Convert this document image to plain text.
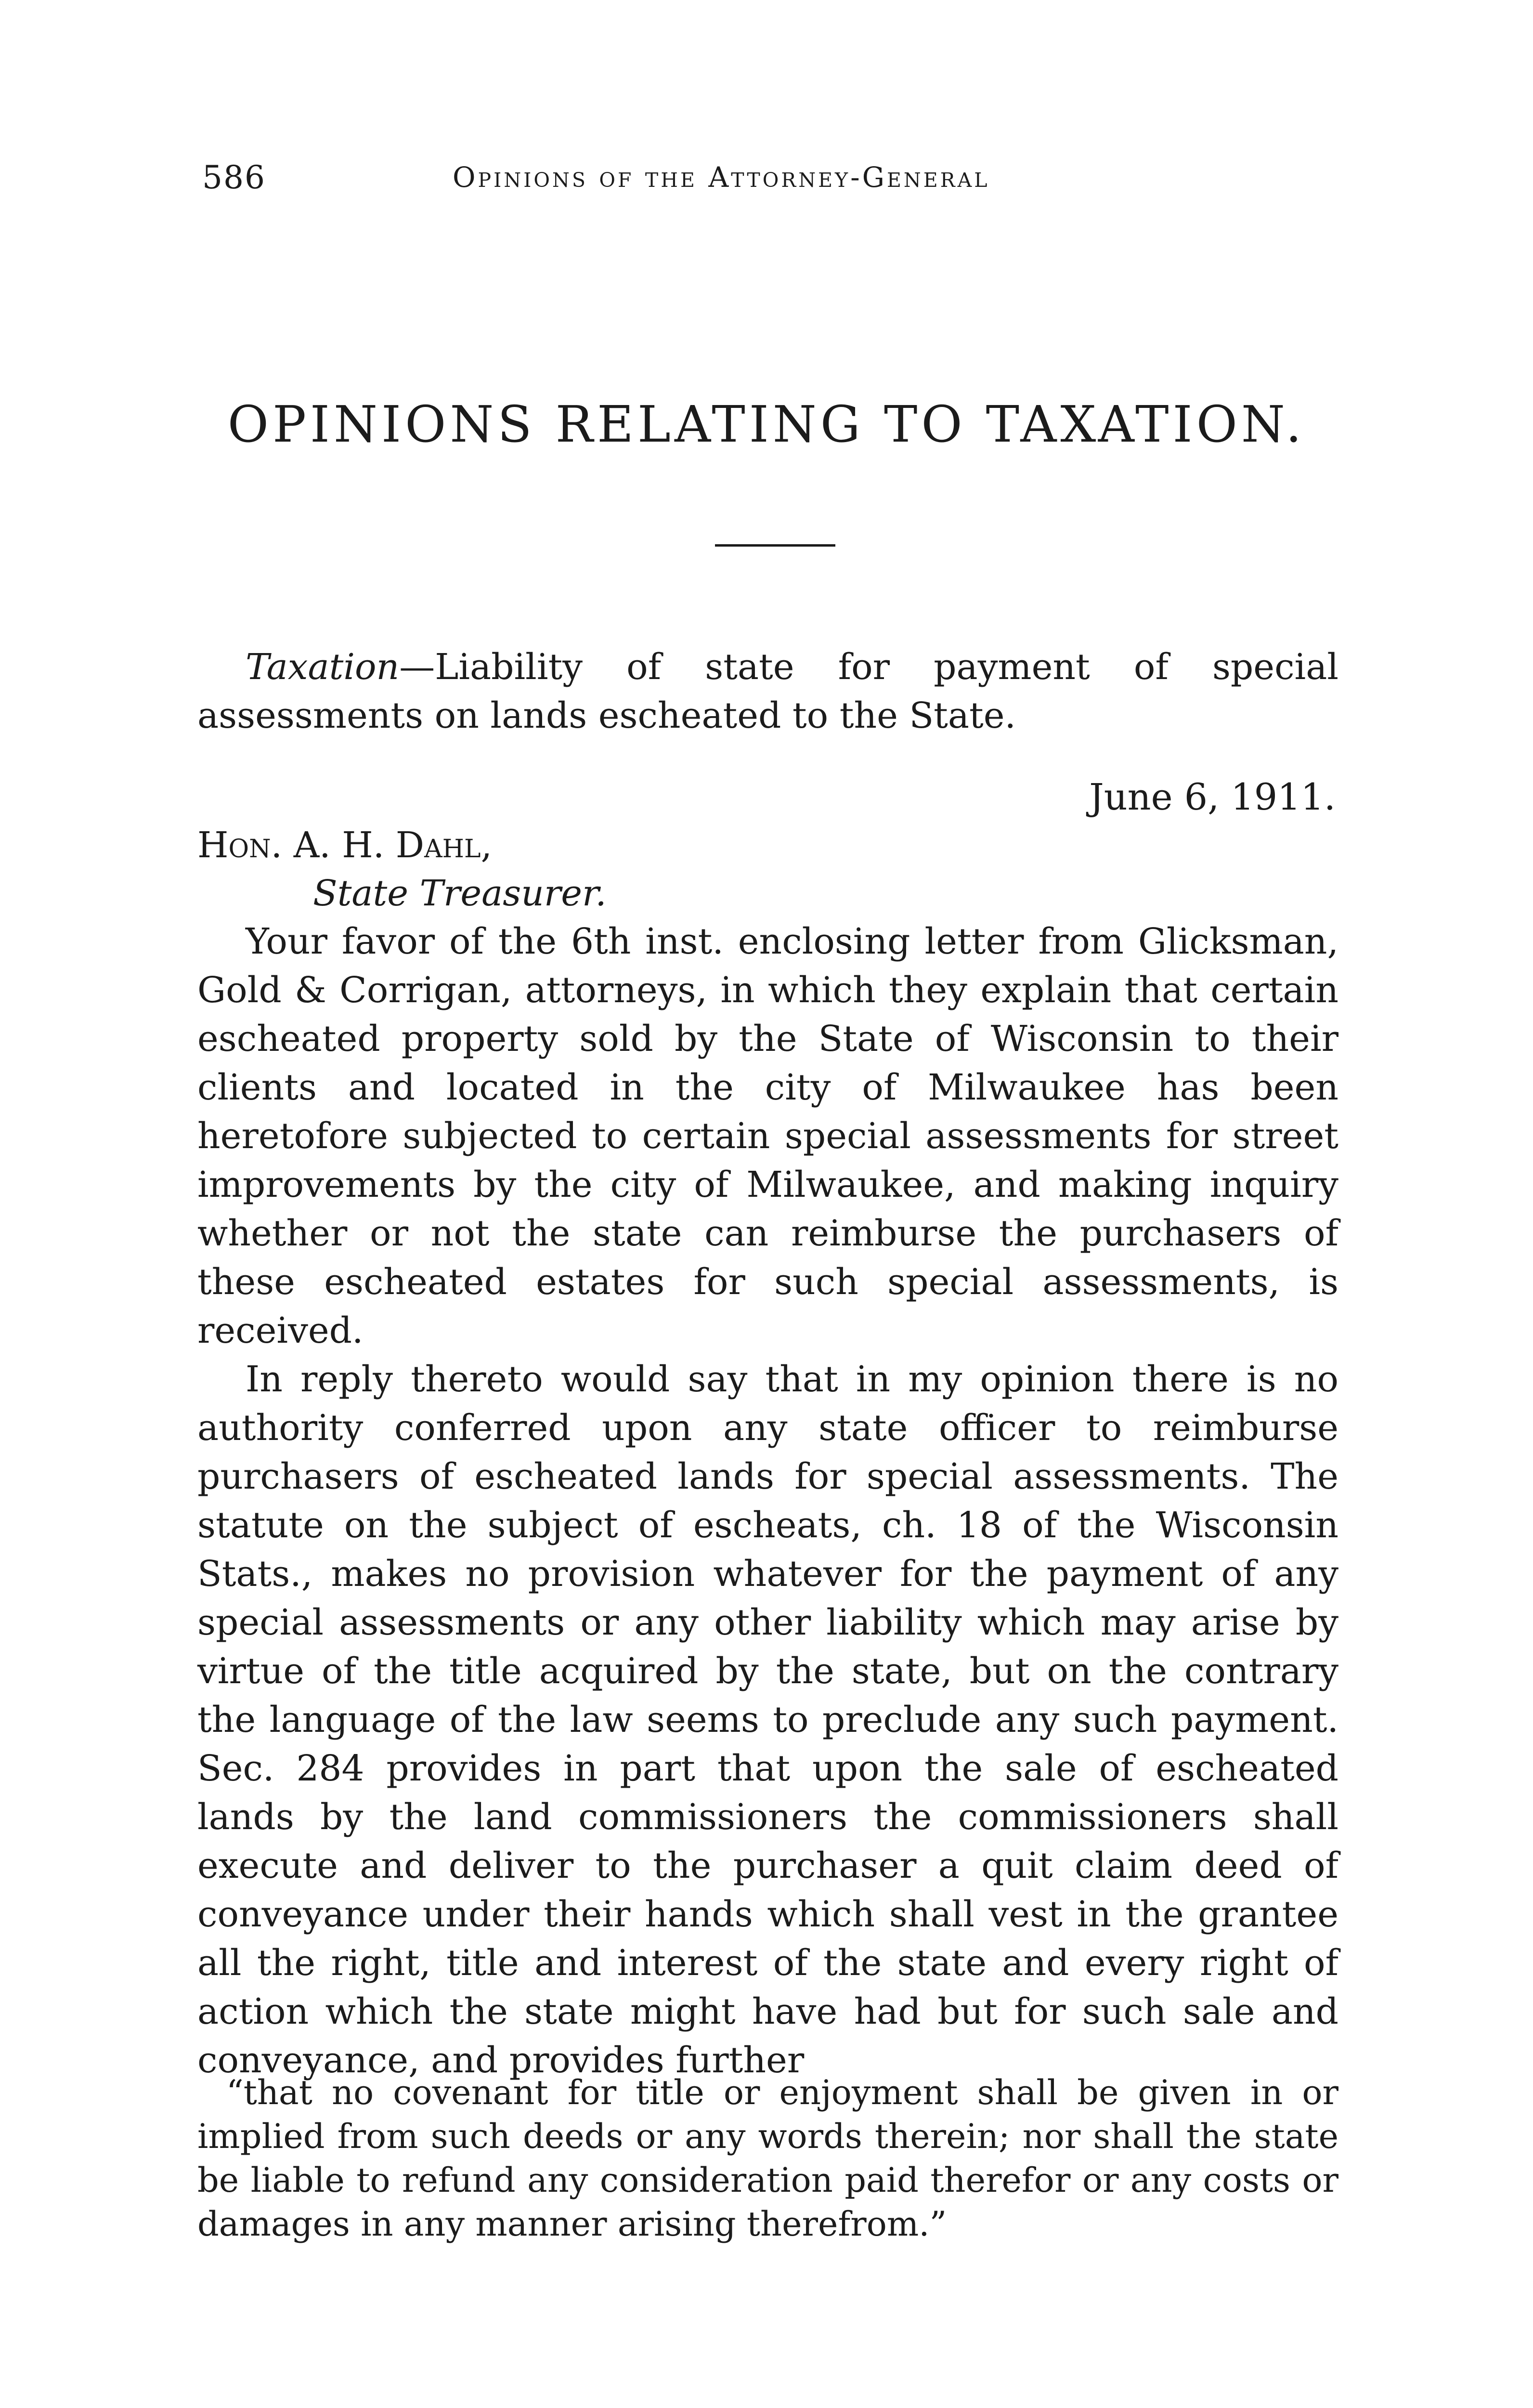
586	Opinions of the Attorney-General
OPINIONS RELATING TO TAXATION.
Taxation—Liability of state for payment of special assessments on lands escheated to the State.
June 6, 1911.
Hon. A. H. Dahl,
State Treasurer.

Your favor of the 6th inst. enclosing letter from Glicksman, Gold & Corrigan, attorneys, in which they explain that certain escheated property sold by the State of Wisconsin to their clients and located in the city of Milwaukee has been heretofore subjected to certain special assessments for street improvements by the city of Milwaukee, and making inquiry whether or not the state can reimburse the purchasers of these escheated estates for such special assessments, is received.

In reply thereto would say that in my opinion there is no authority conferred upon any state officer to reimburse purchasers of escheated lands for special assessments. The statute on the subject of escheats, ch. 18 of the Wisconsin Stats., makes no provision whatever for the payment of any special assessments or any other liability which may arise by virtue of the title acquired by the state, but on the contrary the language of the law seems to preclude any such payment. Sec. 284 provides in part that upon the sale of escheated lands by the land commissioners the commissioners shall execute and deliver to the purchaser a quit claim deed of conveyance under their hands which shall vest in the grantee all the right, title and interest of the state and every right of action which the state might have had but for such sale and conveyance, and provides further

“that no covenant for title or enjoyment shall be given in or implied from such deeds or any words therein; nor shall the state be liable to refund any consideration paid therefor or any costs or damages in any manner arising therefrom.”
